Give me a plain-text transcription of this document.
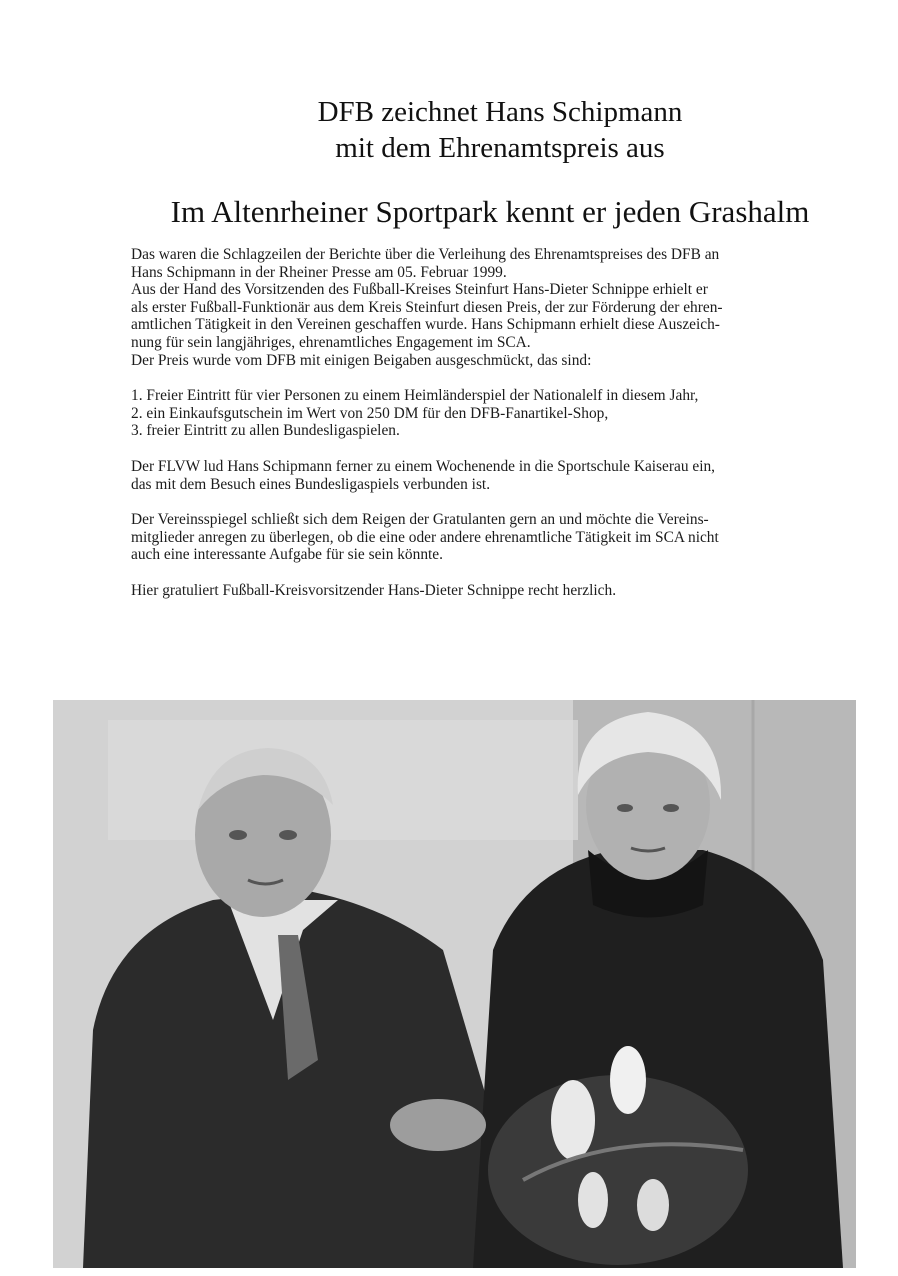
DFB zeichnet Hans Schipmann
mit dem Ehrenamtspreis aus
Im Altenrheiner Sportpark kennt er jeden Grashalm

Das waren die Schlagzeilen der Berichte über die Verleihung des Ehrenamtspreises des DFB an

Hans Schipmann in der Rheiner Presse am 05. Februar 1999.

Aus der Hand des Vorsitzenden des Fußball-Kreises Steinfurt Hans-Dieter Schnippe erhielt er

als erster Fußball-Funktionär aus dem Kreis Steinfurt diesen Preis, der zur Förderung der ehren-

amtlichen Tätigkeit in den Vereinen geschaffen wurde. Hans Schipmann erhielt diese Auszeich-

nung für sein langjähriges, ehrenamtliches Engagement im SCA.

Der Preis wurde vom DFB mit einigen Beigaben ausgeschmückt, das sind:

1. Freier Eintritt für vier Personen zu einem Heimländerspiel der Nationalelf in diesem Jahr,
2. ein Einkaufsgutschein im Wert von 250 DM für den DFB-Fanartikel-Shop,
3. freier Eintritt zu allen Bundesligaspielen.

Der FLVW lud Hans Schipmann ferner zu einem Wochenende in die Sportschule Kaiserau ein,

das mit dem Besuch eines Bundesligaspiels verbunden ist.

Der Vereinsspiegel schließt sich dem Reigen der Gratulanten gern an und möchte die Vereins-

mitglieder anregen zu überlegen, ob die eine oder andere ehrenamtliche Tätigkeit im SCA nicht

auch eine interessante Aufgabe für sie sein könnte.

Hier gratuliert Fußball-Kreisvorsitzender Hans-Dieter Schnippe recht herzlich.
